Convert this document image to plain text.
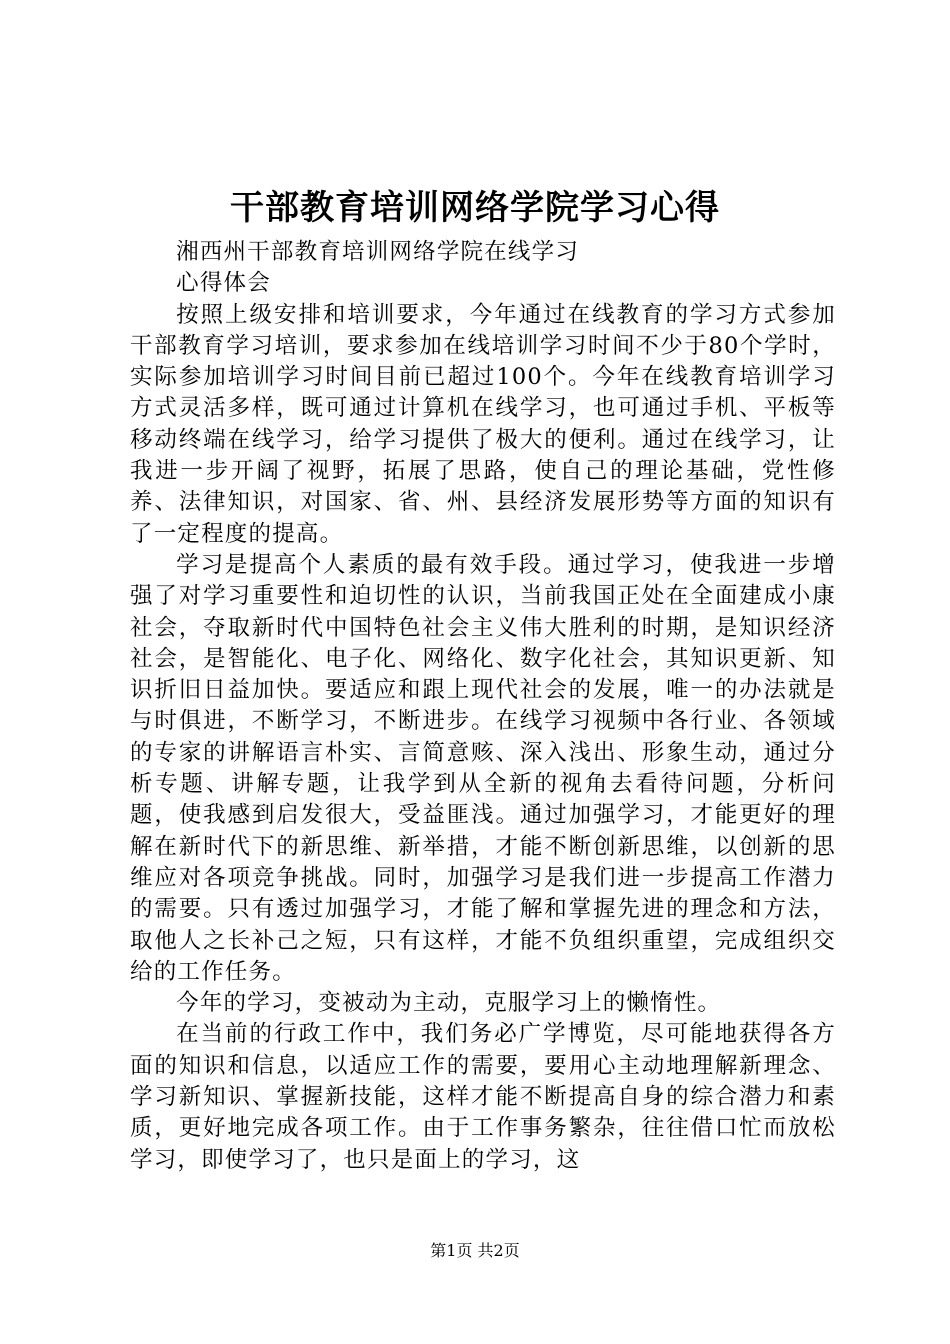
干部教育培训网络学院学习心得

湘西州干部教育培训网络学院在线学习

心得体会

按照上级安排和培训要求，今年通过在线教育的学习方式参加干部教育学习培训，要求参加在线培训学习时间不少于80个学时，实际参加培训学习时间目前已超过100个。今年在线教育培训学习方式灵活多样，既可通过计算机在线学习，也可通过手机、平板等移动终端在线学习，给学习提供了极大的便利。通过在线学习，让我进一步开阔了视野，拓展了思路，使自己的理论基础，党性修养、法律知识，对国家、省、州、县经济发展形势等方面的知识有了一定程度的提高。

学习是提高个人素质的最有效手段。通过学习，使我进一步增强了对学习重要性和迫切性的认识，当前我国正处在全面建成小康社会，夺取新时代中国特色社会主义伟大胜利的时期，是知识经济社会，是智能化、电子化、网络化、数字化社会，其知识更新、知识折旧日益加快。要适应和跟上现代社会的发展，唯一的办法就是与时俱进，不断学习，不断进步。在线学习视频中各行业、各领域的专家的讲解语言朴实、言简意赅、深入浅出、形象生动，通过分析专题、讲解专题，让我学到从全新的视角去看待问题，分析问题，使我感到启发很大，受益匪浅。通过加强学习，才能更好的理解在新时代下的新思维、新举措，才能不断创新思维，以创新的思维应对各项竞争挑战。同时，加强学习是我们进一步提高工作潜力的需要。只有透过加强学习，才能了解和掌握先进的理念和方法，取他人之长补己之短，只有这样，才能不负组织重望，完成组织交给的工作任务。

今年的学习，变被动为主动，克服学习上的懒惰性。

在当前的行政工作中，我们务必广学博览，尽可能地获得各方面的知识和信息，以适应工作的需要，要用心主动地理解新理念、学习新知识、掌握新技能，这样才能不断提高自身的综合潜力和素质，更好地完成各项工作。由于工作事务繁杂，往往借口忙而放松学习，即使学习了，也只是面上的学习，这

第1页 共2页
